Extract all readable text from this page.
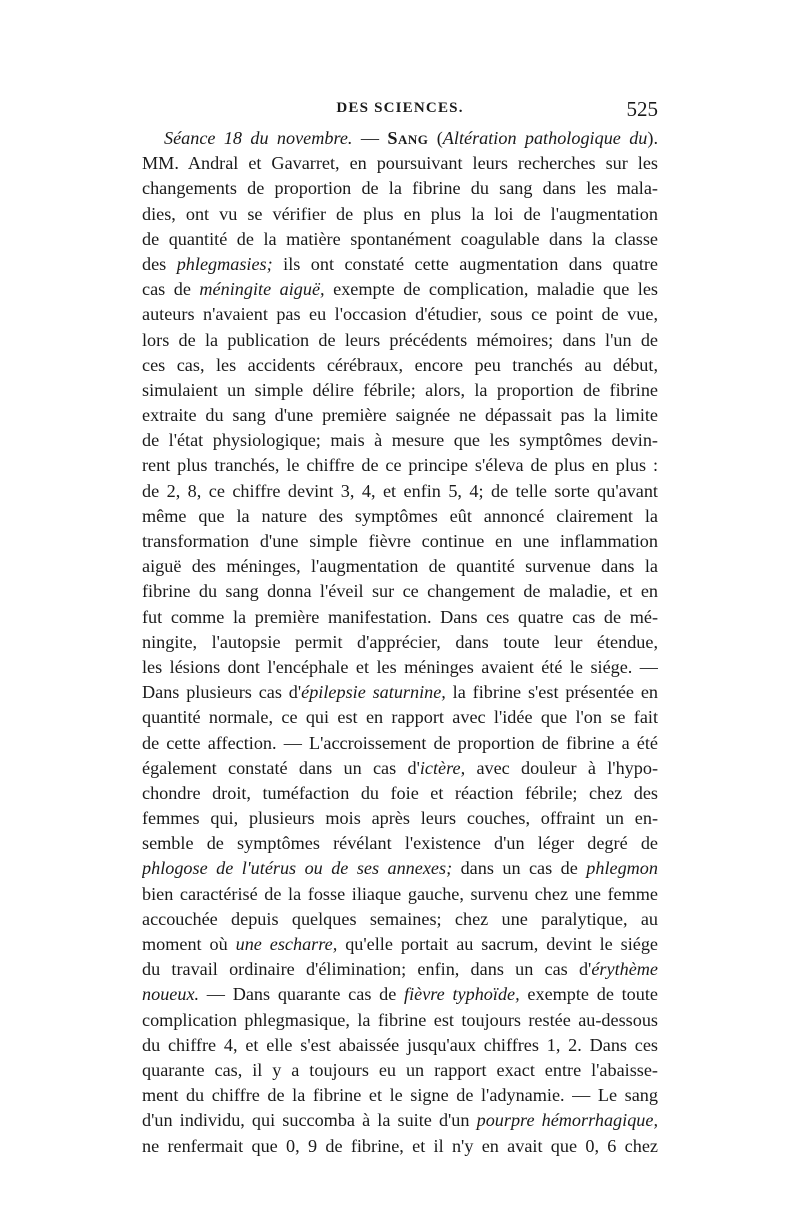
DES SCIENCES.	525
Séance 18 du novembre. — Sang (Altération pathologique du).
MM. Andral et Gavarret, en poursuivant leurs recherches sur les
changements de proportion de la fibrine du sang dans les mala-
dies, ont vu se vérifier de plus en plus la loi de l'augmentation
de quantité de la matière spontanément coagulable dans la classe
des phlegmasies; ils ont constaté cette augmentation dans quatre
cas de méningite aiguë, exempte de complication, maladie que les
auteurs n'avaient pas eu l'occasion d'étudier, sous ce point de vue,
lors de la publication de leurs précédents mémoires; dans l'un de
ces cas, les accidents cérébraux, encore peu tranchés au début,
simulaient un simple délire fébrile; alors, la proportion de fibrine
extraite du sang d'une première saignée ne dépassait pas la limite
de l'état physiologique; mais à mesure que les symptômes devin-
rent plus tranchés, le chiffre de ce principe s'éleva de plus en plus :
de 2, 8, ce chiffre devint 3, 4, et enfin 5, 4; de telle sorte qu'avant
même que la nature des symptômes eût annoncé clairement la
transformation d'une simple fièvre continue en une inflammation
aiguë des méninges, l'augmentation de quantité survenue dans la
fibrine du sang donna l'éveil sur ce changement de maladie, et en
fut comme la première manifestation. Dans ces quatre cas de mé-
ningite, l'autopsie permit d'apprécier, dans toute leur étendue,
les lésions dont l'encéphale et les méninges avaient été le siége. —
Dans plusieurs cas d'épilepsie saturnine, la fibrine s'est présentée en
quantité normale, ce qui est en rapport avec l'idée que l'on se fait
de cette affection. — L'accroissement de proportion de fibrine a été
également constaté dans un cas d'ictère, avec douleur à l'hypo-
chondre droit, tuméfaction du foie et réaction fébrile; chez des
femmes qui, plusieurs mois après leurs couches, offraint un en-
semble de symptômes révélant l'existence d'un léger degré de
phlogose de l'utérus ou de ses annexes; dans un cas de phlegmon
bien caractérisé de la fosse iliaque gauche, survenu chez une femme
accouchée depuis quelques semaines; chez une paralytique, au
moment où une escharre, qu'elle portait au sacrum, devint le siége
du travail ordinaire d'élimination; enfin, dans un cas d'érythème
noueux. — Dans quarante cas de fièvre typhoïde, exempte de toute
complication phlegmasique, la fibrine est toujours restée au-dessous
du chiffre 4, et elle s'est abaissée jusqu'aux chiffres 1, 2. Dans ces
quarante cas, il y a toujours eu un rapport exact entre l'abaisse-
ment du chiffre de la fibrine et le signe de l'adynamie. — Le sang
d'un individu, qui succomba à la suite d'un pourpre hémorrhagique,
ne renfermait que 0, 9 de fibrine, et il n'y en avait que 0, 6 chez
